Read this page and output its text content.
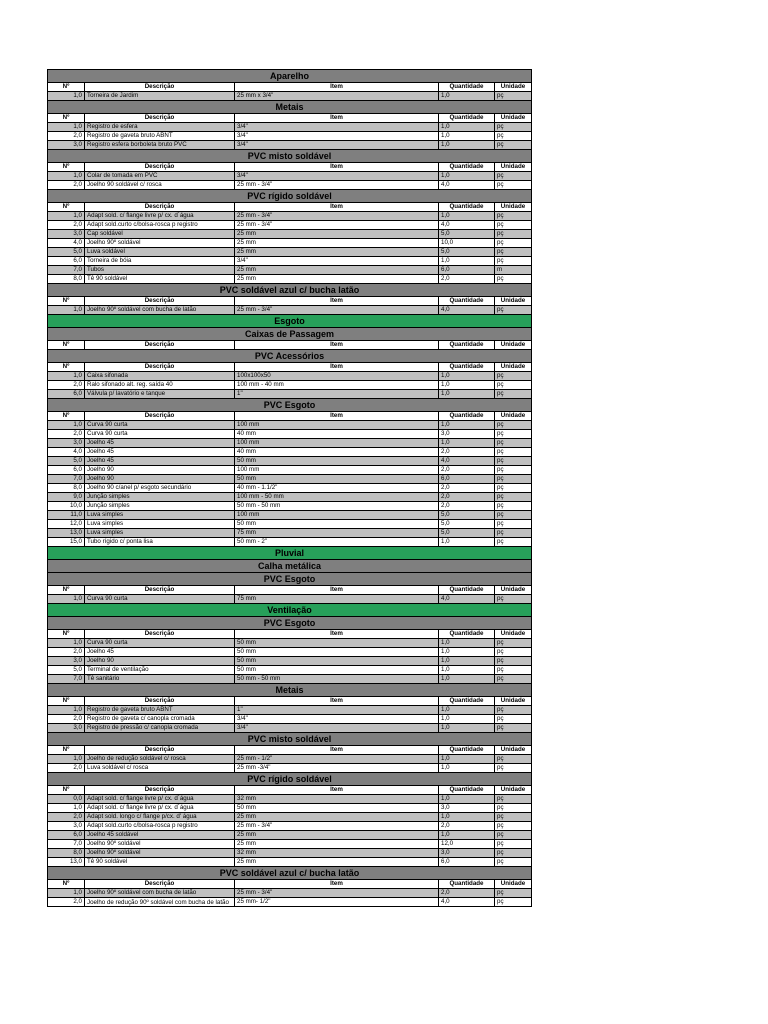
Aparelho				
Nº	Descrição	Item	Quantidade	Unidade
1,0	Torneira de Jardim	25 mm x 3/4"	1,0	pç
Metais				
Nº	Descrição	Item	Quantidade	Unidade
1,0	Registro de esfera	3/4"	1,0	pç
2,0	Registro de gaveta bruto ABNT	3/4"	1,0	pç
3,0	Registro esfera borboleta bruto PVC	3/4"	1,0	pç
PVC misto soldável				
Nº	Descrição	Item	Quantidade	Unidade
1,0	Colar de tomada em PVC	3/4"	1,0	pç
2,0	Joelho 90 soldável c/ rosca	25 mm - 3/4"	4,0	pç
PVC rígido soldável				
Nº	Descrição	Item	Quantidade	Unidade
1,0	Adapt sold. c/ flange livre p/ cx. d´água	25 mm - 3/4"	1,0	pç
2,0	Adapt sold.curto c/bolsa-rosca p registro	25 mm - 3/4"	4,0	pç
3,0	Cap soldável	25 mm	5,0	pç
4,0	Joelho 90º soldável	25 mm	10,0	pç
5,0	Luva soldável	25 mm	5,0	pç
6,0	Torneira de bóia	3/4"	1,0	pç
7,0	Tubos	25 mm	6,0	m
8,0	Tê 90 soldável	25 mm	2,0	pç
PVC soldável azul c/ bucha latão				
Nº	Descrição	Item	Quantidade	Unidade
1,0	Joelho 90º soldável com bucha de latão	25 mm - 3/4"	4,0	pç
Esgoto				
Caixas de Passagem				
Nº	Descrição	Item	Quantidade	Unidade
PVC Acessórios				
Nº	Descrição	Item	Quantidade	Unidade
1,0	Caixa sifonada	100x100x50	1,0	pç
2,0	Ralo sifonado alt. reg. saída 40	100 mm - 40 mm	1,0	pç
6,0	Válvula p/ lavatório e tanque	1"	1,0	pç
PVC Esgoto				
Nº	Descrição	Item	Quantidade	Unidade
1,0	Curva 90 curta	100 mm	1,0	pç
2,0	Curva 90 curta	40 mm	3,0	pç
3,0	Joelho 45	100 mm	1,0	pç
4,0	Joelho 45	40 mm	2,0	pç
5,0	Joelho 45	50 mm	4,0	pç
6,0	Joelho 90	100 mm	2,0	pç
7,0	Joelho 90	50 mm	6,0	pç
8,0	Joelho 90 c/anel p/ esgoto secundário	40 mm - 1.1/2"	2,0	pç
9,0	Junção simples	100 mm - 50 mm	2,0	pç
10,0	Junção simples	50 mm - 50 mm	2,0	pç
11,0	Luva simples	100 mm	5,0	pç
12,0	Luva simples	50 mm	5,0	pç
13,0	Luva simples	75 mm	5,0	pç
15,0	Tubo rígido c/ ponta lisa	50 mm - 2"	1,0	pç
Pluvial				
Calha metálica				
PVC Esgoto				
Nº	Descrição	Item	Quantidade	Unidade
1,0	Curva 90 curta	75 mm	4,0	pç
Ventilação				
PVC Esgoto				
Nº	Descrição	Item	Quantidade	Unidade
1,0	Curva 90 curta	50 mm	1,0	pç
2,0	Joelho 45	50 mm	1,0	pç
3,0	Joelho 90	50 mm	1,0	pç
5,0	Terminal de ventilação	50 mm	1,0	pç
7,0	Tê sanitário	50 mm - 50 mm	1,0	pç
Metais				
Nº	Descrição	Item	Quantidade	Unidade
1,0	Registro de gaveta bruto ABNT	1"	1,0	pç
2,0	Registro de gaveta c/ canopla cromada	3/4"	1,0	pç
3,0	Registro de pressão c/ canopla cromada	3/4"	1,0	pç
PVC misto soldável				
Nº	Descrição	Item	Quantidade	Unidade
1,0	Joelho de redução soldável c/ rosca	25 mm - 1/2"	1,0	pç
2,0	Luva soldável c/ rosca	25 mm -3/4"	1,0	pç
PVC rígido soldável				
Nº	Descrição	Item	Quantidade	Unidade
0,0	Adapt sold. c/ flange livre p/ cx. d´água	32 mm	1,0	pç
1,0	Adapt sold. c/ flange livre p/ cx. d´água	50 mm	3,0	pç
2,0	Adapt sold. longo c/ flange p/cx. d' água	25 mm	1,0	pç
3,0	Adapt sold.curto c/bolsa-rosca p registro	25 mm - 3/4"	2,0	pç
6,0	Joelho 45 soldável	25 mm	1,0	pç
7,0	Joelho 90º soldável	25 mm	12,0	pç
8,0	Joelho 90º soldável	32 mm	3,0	pç
13,0	Tê 90 soldável	25 mm	6,0	pç
PVC soldável azul c/ bucha latão				
Nº	Descrição	Item	Quantidade	Unidade
1,0	Joelho 90º soldável com bucha de latão	25 mm - 3/4"	2,0	pç
2,0	Joelho de redução 90º soldável com bucha de latão	25 mm- 1/2"	4,0	pç
